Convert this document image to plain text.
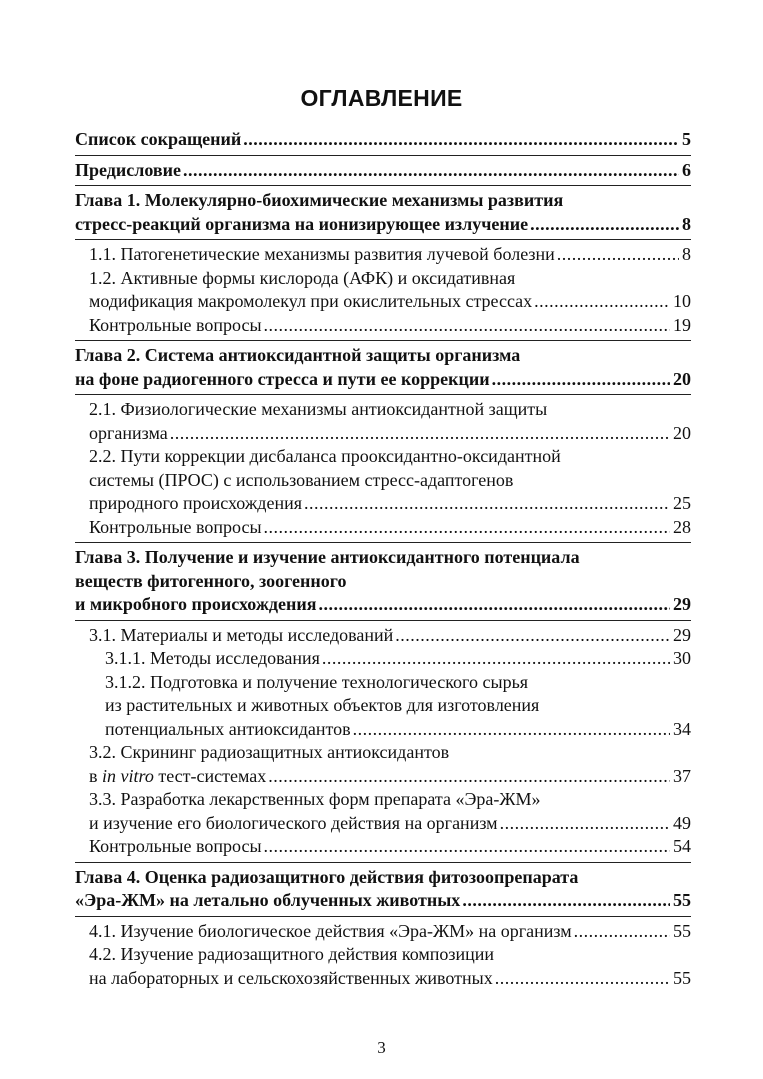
ОГЛАВЛЕНИЕ
Список сокращений .....	5
Предисловие .....	6
Глава 1. Молекулярно-биохимические механизмы развития
стресс-реакций организма на ионизирующее излучение .....	8
1.1. Патогенетические механизмы развития лучевой болезни .....	8
1.2. Активные формы кислорода (АФК) и оксидативная
модификация макромолекул при окислительных стрессах .....	10
Контрольные вопросы .....	19
Глава 2. Система антиоксидантной защиты организма
на фоне радиогенного стресса и пути ее коррекции .....	20
2.1. Физиологические механизмы антиоксидантной защиты
организма .....	20
2.2. Пути коррекции дисбаланса прооксидантно-оксидантной
системы (ПРОС) с использованием стресс-адаптогенов
природного происхождения .....	25
Контрольные вопросы .....	28
Глава 3. Получение и изучение антиоксидантного потенциала
веществ фитогенного, зоогенного
и микробного происхождения .....	29
3.1. Материалы и методы исследований .....	29
3.1.1. Методы исследования .....	30
3.1.2. Подготовка и получение технологического сырья
из растительных и животных объектов для изготовления
потенциальных антиоксидантов .....	34
3.2. Скрининг радиозащитных антиоксидантов
в in vitro тест-системах .....	37
3.3. Разработка лекарственных форм препарата «Эра-ЖМ»
и изучение его биологического действия на организм .....	49
Контрольные вопросы .....	54
Глава 4. Оценка радиозащитного действия фитозоопрепарата
«Эра-ЖМ» на летально облученных животных .....	55
4.1. Изучение биологическое действия «Эра-ЖМ» на организм .....	55
4.2. Изучение радиозащитного действия композиции
на лабораторных и сельскохозяйственных животных .....	55
3
